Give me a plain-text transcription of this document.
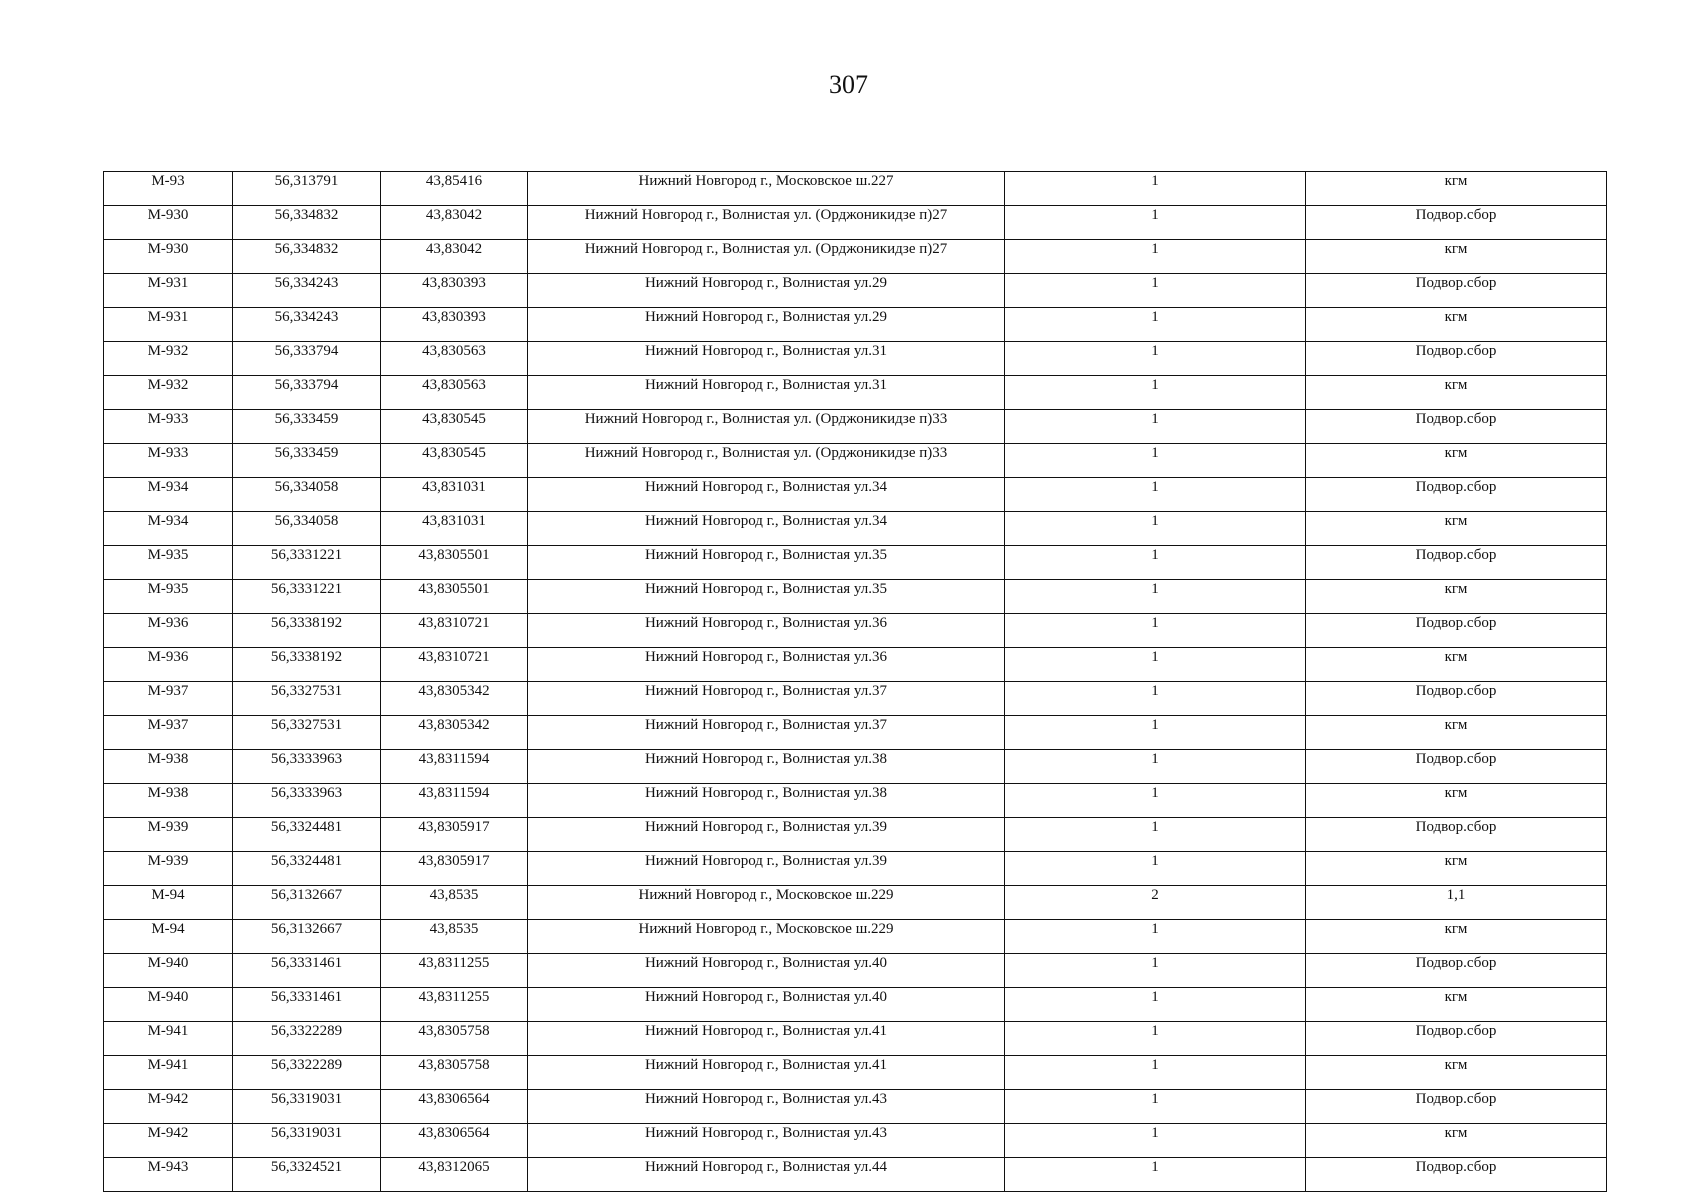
307
М-93	56,313791	43,85416	Нижний Новгород г., Московское ш.227	1	кгм
М-930	56,334832	43,83042	Нижний Новгород г., Волнистая ул. (Орджоникидзе п)27	1	Подвор.сбор
М-930	56,334832	43,83042	Нижний Новгород г., Волнистая ул. (Орджоникидзе п)27	1	кгм
М-931	56,334243	43,830393	Нижний Новгород г., Волнистая ул.29	1	Подвор.сбор
М-931	56,334243	43,830393	Нижний Новгород г., Волнистая ул.29	1	кгм
М-932	56,333794	43,830563	Нижний Новгород г., Волнистая ул.31	1	Подвор.сбор
М-932	56,333794	43,830563	Нижний Новгород г., Волнистая ул.31	1	кгм
М-933	56,333459	43,830545	Нижний Новгород г., Волнистая ул. (Орджоникидзе п)33	1	Подвор.сбор
М-933	56,333459	43,830545	Нижний Новгород г., Волнистая ул. (Орджоникидзе п)33	1	кгм
М-934	56,334058	43,831031	Нижний Новгород г., Волнистая ул.34	1	Подвор.сбор
М-934	56,334058	43,831031	Нижний Новгород г., Волнистая ул.34	1	кгм
М-935	56,3331221	43,8305501	Нижний Новгород г., Волнистая ул.35	1	Подвор.сбор
М-935	56,3331221	43,8305501	Нижний Новгород г., Волнистая ул.35	1	кгм
М-936	56,3338192	43,8310721	Нижний Новгород г., Волнистая ул.36	1	Подвор.сбор
М-936	56,3338192	43,8310721	Нижний Новгород г., Волнистая ул.36	1	кгм
М-937	56,3327531	43,8305342	Нижний Новгород г., Волнистая ул.37	1	Подвор.сбор
М-937	56,3327531	43,8305342	Нижний Новгород г., Волнистая ул.37	1	кгм
М-938	56,3333963	43,8311594	Нижний Новгород г., Волнистая ул.38	1	Подвор.сбор
М-938	56,3333963	43,8311594	Нижний Новгород г., Волнистая ул.38	1	кгм
М-939	56,3324481	43,8305917	Нижний Новгород г., Волнистая ул.39	1	Подвор.сбор
М-939	56,3324481	43,8305917	Нижний Новгород г., Волнистая ул.39	1	кгм
М-94	56,3132667	43,8535	Нижний Новгород г., Московское ш.229	2	1,1
М-94	56,3132667	43,8535	Нижний Новгород г., Московское ш.229	1	кгм
М-940	56,3331461	43,8311255	Нижний Новгород г., Волнистая ул.40	1	Подвор.сбор
М-940	56,3331461	43,8311255	Нижний Новгород г., Волнистая ул.40	1	кгм
М-941	56,3322289	43,8305758	Нижний Новгород г., Волнистая ул.41	1	Подвор.сбор
М-941	56,3322289	43,8305758	Нижний Новгород г., Волнистая ул.41	1	кгм
М-942	56,3319031	43,8306564	Нижний Новгород г., Волнистая ул.43	1	Подвор.сбор
М-942	56,3319031	43,8306564	Нижний Новгород г., Волнистая ул.43	1	кгм
М-943	56,3324521	43,8312065	Нижний Новгород г., Волнистая ул.44	1	Подвор.сбор
